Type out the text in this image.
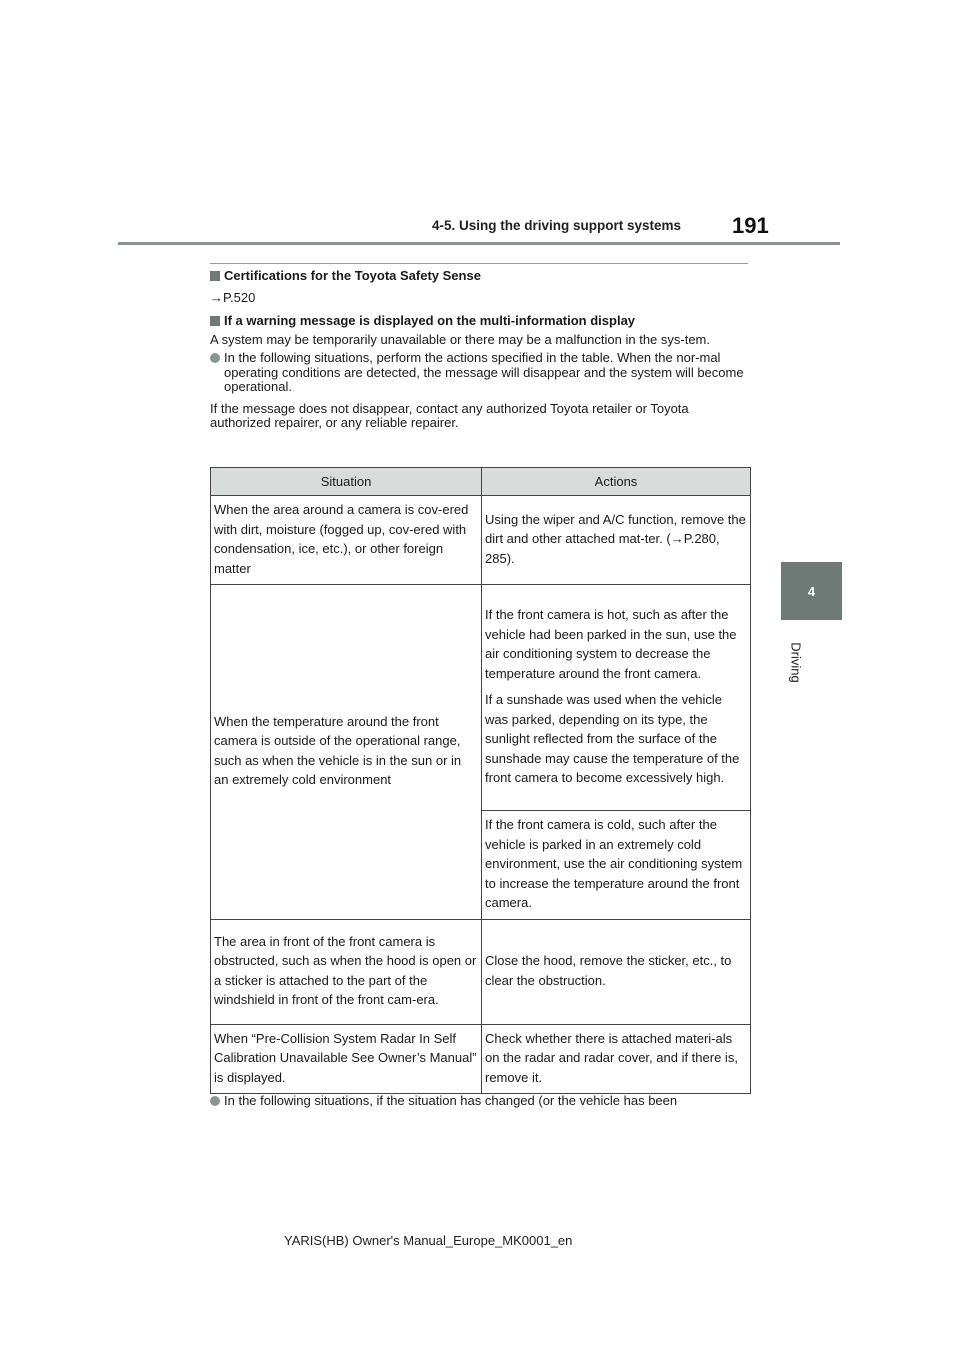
4-5. Using the driving support systems 191
4
Driving

Certifications for the Toyota Safety Sense

→P.520

If a warning message is displayed on the multi-information display

A system may be temporarily unavailable or there may be a malfunction in the sys-tem.

In the following situations, perform the actions specified in the table. When the nor-mal operating conditions are detected, the message will disappear and the system will become operational.

If the message does not disappear, contact any authorized Toyota retailer or Toyota authorized repairer, or any reliable repairer.

Situation	Actions
When the area around a camera is cov-ered with dirt, moisture (fogged up, cov-ered with condensation, ice, etc.), or other foreign matter	Using the wiper and A/C function, remove the dirt and other attached mat-ter. (→P.280, 285).
When the temperature around the front camera is outside of the operational range, such as when the vehicle is in the sun or in an extremely cold environment	If the front camera is hot, such as after the vehicle had been parked in the sun, use the air conditioning system to decrease the temperature around the front camera.

If a sunshade was used when the vehicle was parked, depending on its type, the sunlight reflected from the surface of the sunshade may cause the temperature of the front camera to become excessively high.

	If the front camera is cold, such after the vehicle is parked in an extremely cold environment, use the air conditioning system to increase the temperature around the front camera.
The area in front of the front camera is obstructed, such as when the hood is open or a sticker is attached to the part of the windshield in front of the front cam-era.	Close the hood, remove the sticker, etc., to clear the obstruction.
When “Pre-Collision System Radar In Self Calibration Unavailable See Owner’s Manual” is displayed.	Check whether there is attached materi-als on the radar and radar cover, and if there is, remove it.
In the following situations, if the situation has changed (or the vehicle has been
YARIS(HB) Owner's Manual_Europe_MK0001_en
